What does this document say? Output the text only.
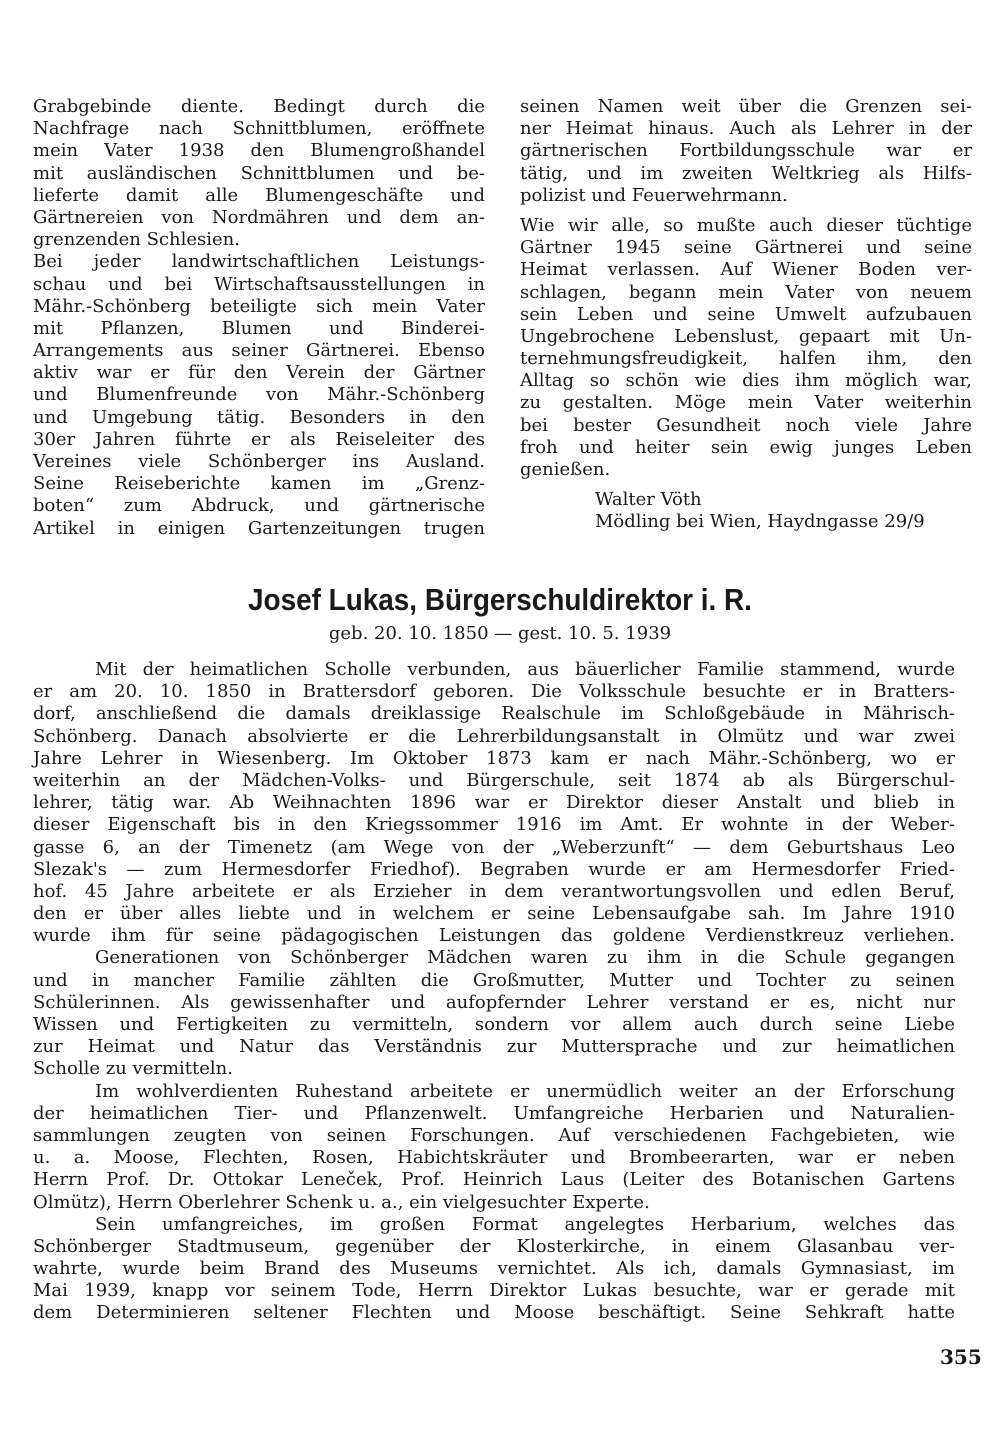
Grabgebinde diente. Bedingt durch die
Nachfrage nach Schnittblumen, eröffnete
mein Vater 1938 den Blumengroßhandel
mit ausländischen Schnittblumen und be-
lieferte damit alle Blumengeschäfte und
Gärtnereien von Nordmähren und dem an-
grenzenden Schlesien.
Bei jeder landwirtschaftlichen Leistungs-
schau und bei Wirtschaftsausstellungen in
Mähr.-Schönberg beteiligte sich mein Vater
mit Pflanzen, Blumen und Binderei-
Arrangements aus seiner Gärtnerei. Ebenso
aktiv war er für den Verein der Gärtner
und Blumenfreunde von Mähr.-Schönberg
und Umgebung tätig. Besonders in den
30er Jahren führte er als Reiseleiter des
Vereines viele Schönberger ins Ausland.
Seine Reiseberichte kamen im „Grenz-
boten“ zum Abdruck, und gärtnerische
Artikel in einigen Gartenzeitungen trugen
seinen Namen weit über die Grenzen sei-
ner Heimat hinaus. Auch als Lehrer in der
gärtnerischen Fortbildungsschule war er
tätig, und im zweiten Weltkrieg als Hilfs-
polizist und Feuerwehrmann.
Wie wir alle, so mußte auch dieser tüchtige
Gärtner 1945 seine Gärtnerei und seine
Heimat verlassen. Auf Wiener Boden ver-
schlagen, begann mein Vater von neuem
sein Leben und seine Umwelt aufzubauen
Ungebrochene Lebenslust, gepaart mit Un-
ternehmungsfreudigkeit, halfen ihm, den
Alltag so schön wie dies ihm möglich war,
zu gestalten. Möge mein Vater weiterhin
bei bester Gesundheit noch viele Jahre
froh und heiter sein ewig junges Leben
genießen.
Walter Vöth
Mödling bei Wien, Haydngasse 29/9
Josef Lukas, Bürgerschuldirektor i. R.
geb. 20. 10. 1850 — gest. 10. 5. 1939
Mit der heimatlichen Scholle verbunden, aus bäuerlicher Familie stammend, wurde
er am 20. 10. 1850 in Brattersdorf geboren. Die Volksschule besuchte er in Bratters-
dorf, anschließend die damals dreiklassige Realschule im Schloßgebäude in Mährisch-
Schönberg. Danach absolvierte er die Lehrerbildungsanstalt in Olmütz und war zwei
Jahre Lehrer in Wiesenberg. Im Oktober 1873 kam er nach Mähr.-Schönberg, wo er
weiterhin an der Mädchen-Volks- und Bürgerschule, seit 1874 ab als Bürgerschul-
lehrer, tätig war. Ab Weihnachten 1896 war er Direktor dieser Anstalt und blieb in
dieser Eigenschaft bis in den Kriegssommer 1916 im Amt. Er wohnte in der Weber-
gasse 6, an der Timenetz (am Wege von der „Weberzunft“ — dem Geburtshaus Leo
Slezak's — zum Hermesdorfer Friedhof). Begraben wurde er am Hermesdorfer Fried-
hof. 45 Jahre arbeitete er als Erzieher in dem verantwortungsvollen und edlen Beruf,
den er über alles liebte und in welchem er seine Lebensaufgabe sah. Im Jahre 1910
wurde ihm für seine pädagogischen Leistungen das goldene Verdienstkreuz verliehen.
Generationen von Schönberger Mädchen waren zu ihm in die Schule gegangen
und in mancher Familie zählten die Großmutter, Mutter und Tochter zu seinen
Schülerinnen. Als gewissenhafter und aufopfernder Lehrer verstand er es, nicht nur
Wissen und Fertigkeiten zu vermitteln, sondern vor allem auch durch seine Liebe
zur Heimat und Natur das Verständnis zur Muttersprache und zur heimatlichen
Scholle zu vermitteln.
Im wohlverdienten Ruhestand arbeitete er unermüdlich weiter an der Erforschung
der heimatlichen Tier- und Pflanzenwelt. Umfangreiche Herbarien und Naturalien-
sammlungen zeugten von seinen Forschungen. Auf verschiedenen Fachgebieten, wie
u. a. Moose, Flechten, Rosen, Habichtskräuter und Brombeerarten, war er neben
Herrn Prof. Dr. Ottokar Leneček, Prof. Heinrich Laus (Leiter des Botanischen Gartens
Olmütz), Herrn Oberlehrer Schenk u. a., ein vielgesuchter Experte.
Sein umfangreiches, im großen Format angelegtes Herbarium, welches das
Schönberger Stadtmuseum, gegenüber der Klosterkirche, in einem Glasanbau ver-
wahrte, wurde beim Brand des Museums vernichtet. Als ich, damals Gymnasiast, im
Mai 1939, knapp vor seinem Tode, Herrn Direktor Lukas besuchte, war er gerade mit
dem Determinieren seltener Flechten und Moose beschäftigt. Seine Sehkraft hatte
355
